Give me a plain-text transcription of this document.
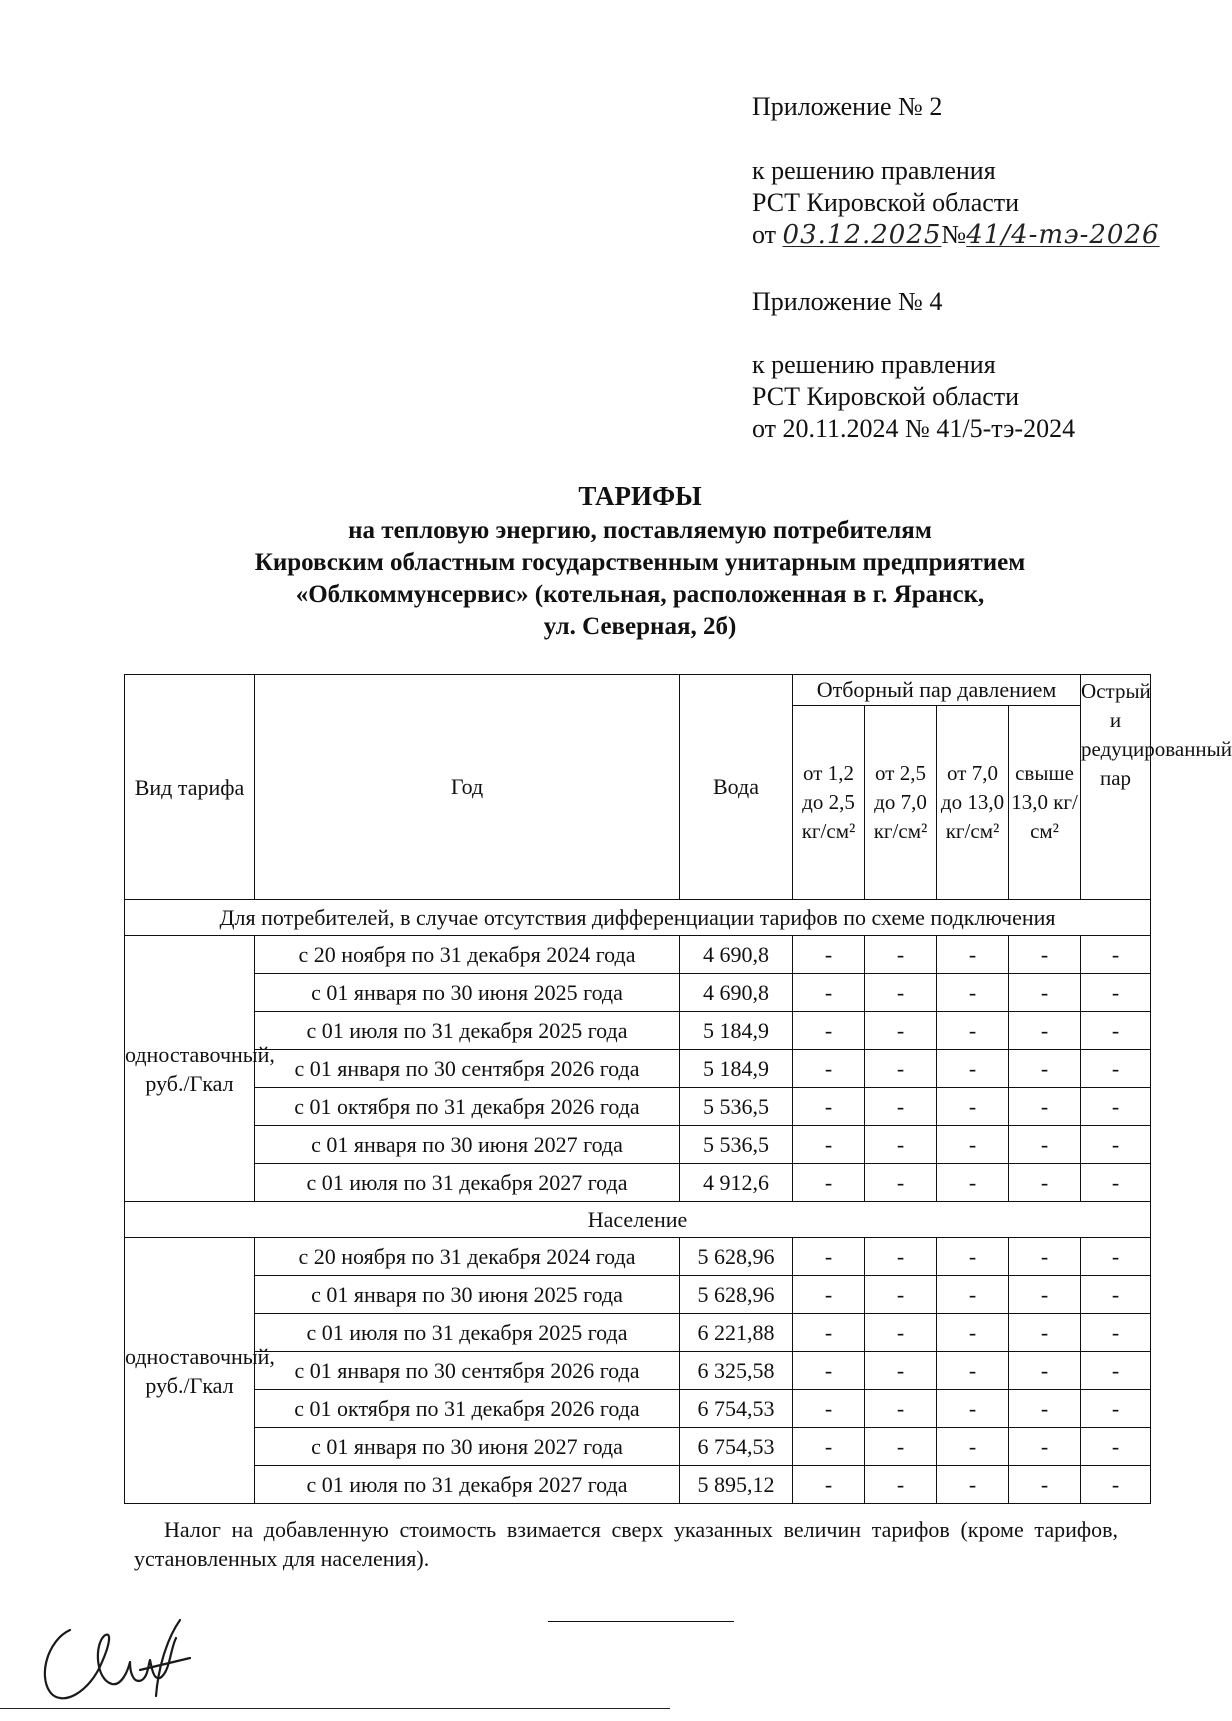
Приложение № 2
к решению правления
РСТ Кировской области
от 03.12.2025№41/4-тэ-2026
Приложение № 4
к решению правления
РСТ Кировской области
от 20.11.2024 № 41/5-тэ-2024
ТАРИФЫ
на тепловую энергию, поставляемую потребителям
Кировским областным государственным унитарным предприятием
«Облкоммунсервис» (котельная, расположенная в г. Яранск,
ул. Северная, 2б)
Вид тарифа	Год	Вода	Отборный пар давлением				Острый и редуцированный пар
			от 1,2 до 2,5 кг/см²	от 2,5 до 7,0 кг/см²	от 7,0 до 13,0 кг/см²	свыше 13,0 кг/см²	
Для потребителей, в случае отсутствия дифференциации тарифов по схеме подключения							
одноставочный, руб./Гкал	с 20 ноября по 31 декабря 2024 года	4 690,8	-	-	-	-	-
	с 01 января по 30 июня 2025 года	4 690,8	-	-	-	-	-
	с 01 июля по 31 декабря 2025 года	5 184,9	-	-	-	-	-
	с 01 января по 30 сентября 2026 года	5 184,9	-	-	-	-	-
	с 01 октября по 31 декабря 2026 года	5 536,5	-	-	-	-	-
	с 01 января по 30 июня 2027 года	5 536,5	-	-	-	-	-
	с 01 июля по 31 декабря 2027 года	4 912,6	-	-	-	-	-
Население							
одноставочный, руб./Гкал	с 20 ноября по 31 декабря 2024 года	5 628,96	-	-	-	-	-
	с 01 января по 30 июня 2025 года	5 628,96	-	-	-	-	-
	с 01 июля по 31 декабря 2025 года	6 221,88	-	-	-	-	-
	с 01 января по 30 сентября 2026 года	6 325,58	-	-	-	-	-
	с 01 октября по 31 декабря 2026 года	6 754,53	-	-	-	-	-
	с 01 января по 30 июня 2027 года	6 754,53	-	-	-	-	-
	с 01 июля по 31 декабря 2027 года	5 895,12	-	-	-	-	-
Налог на добавленную стоимость взимается сверх указанных величин тарифов (кроме тарифов, установленных для населения).
